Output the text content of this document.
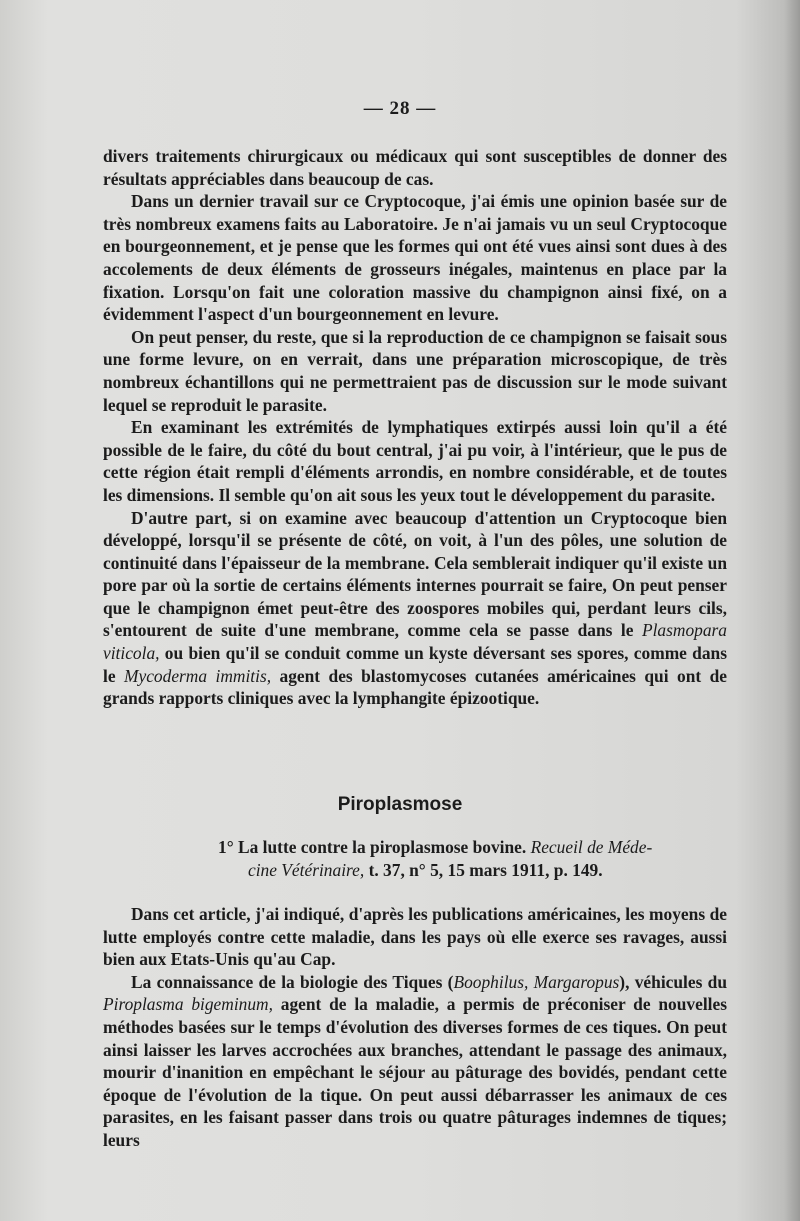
— 28 —

divers traitements chirurgicaux ou médicaux qui sont susceptibles de donner des résultats appréciables dans beaucoup de cas.

Dans un dernier travail sur ce Cryptocoque, j'ai émis une opinion basée sur de très nombreux examens faits au Laboratoire. Je n'ai jamais vu un seul Cryptocoque en bourgeonnement, et je pense que les formes qui ont été vues ainsi sont dues à des accolements de deux éléments de grosseurs inégales, maintenus en place par la fixation. Lorsqu'on fait une coloration massive du champignon ainsi fixé, on a évidemment l'aspect d'un bourgeonnement en levure.

On peut penser, du reste, que si la reproduction de ce champignon se faisait sous une forme levure, on en verrait, dans une préparation microscopique, de très nombreux échantillons qui ne permettraient pas de discussion sur le mode suivant lequel se reproduit le parasite.

En examinant les extrémités de lymphatiques extirpés aussi loin qu'il a été possible de le faire, du côté du bout central, j'ai pu voir, à l'intérieur, que le pus de cette région était rempli d'éléments arrondis, en nombre considérable, et de toutes les dimensions. Il semble qu'on ait sous les yeux tout le développement du parasite.

D'autre part, si on examine avec beaucoup d'attention un Cryptocoque bien développé, lorsqu'il se présente de côté, on voit, à l'un des pôles, une solution de continuité dans l'épaisseur de la membrane. Cela semblerait indiquer qu'il existe un pore par où la sortie de certains éléments internes pourrait se faire, On peut penser que le champignon émet peut-être des zoospores mobiles qui, perdant leurs cils, s'entourent de suite d'une membrane, comme cela se passe dans le Plasmopara viticola, ou bien qu'il se conduit comme un kyste déversant ses spores, comme dans le Mycoderma immitis, agent des blastomycoses cutanées américaines qui ont de grands rapports cliniques avec la lymphangite épizootique.

Piroplasmose
1° La lutte contre la piroplasmose bovine. Recueil de Méde-
cine Vétérinaire, t. 37, n° 5, 15 mars 1911, p. 149.

Dans cet article, j'ai indiqué, d'après les publications américaines, les moyens de lutte employés contre cette maladie, dans les pays où elle exerce ses ravages, aussi bien aux Etats-Unis qu'au Cap.

La connaissance de la biologie des Tiques (Boophilus, Margaropus), véhicules du Piroplasma bigeminum, agent de la maladie, a permis de préconiser de nouvelles méthodes basées sur le temps d'évolution des diverses formes de ces tiques. On peut ainsi laisser les larves accrochées aux branches, attendant le passage des animaux, mourir d'inanition en empêchant le séjour au pâturage des bovidés, pendant cette époque de l'évolution de la tique. On peut aussi débarrasser les animaux de ces parasites, en les faisant passer dans trois ou quatre pâturages indemnes de tiques; leurs
